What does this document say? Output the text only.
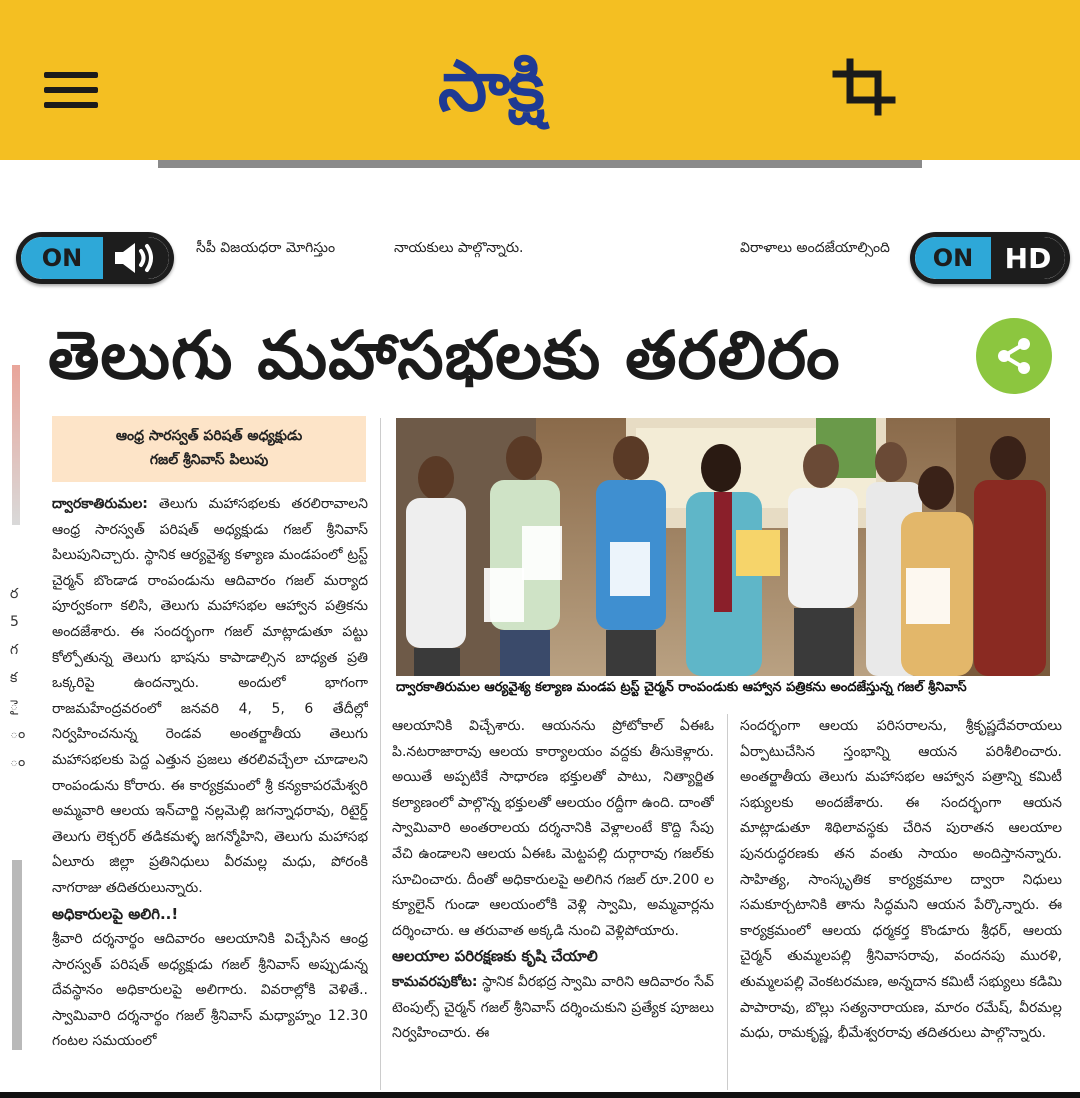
సాక్షి
ON	ON	HD
సీపీ విజయధరా మోగిస్తుం	నాయకులు పాల్గొన్నారు.	విరాళాలు అందజేయాల్సింది
తెలుగు మహాసభలకు తరలిరం
ర
5
గ
క
ై
ం
ం
ఆంధ్ర సారస్వత్ పరిషత్ అధ్యక్షుడు
గజల్ శ్రీనివాస్ పిలుపు

ద్వారకాతిరుమల: తెలుగు మహాసభలకు తరలిరావాలని ఆంధ్ర సారస్వత్ పరిషత్ అధ్యక్షుడు గజల్ శ్రీనివాస్ పిలుపునిచ్చారు. స్థానిక ఆర్యవైశ్య కళ్యాణ మండపంలో ట్రస్ట్ చైర్మన్ బొండాడ రాంపండును ఆదివారం గజల్ మర్యాద పూర్వకంగా కలిసి, తెలుగు మహాసభల ఆహ్వాన పత్రికను అందజేశారు. ఈ సందర్భంగా గజల్ మాట్లాడుతూ పట్టు కోల్పోతున్న తెలుగు భాషను కాపాడాల్సిన బాధ్యత ప్రతి ఒక్కరిపై ఉందన్నారు. అందులో భాగంగా రాజమహేంద్రవరంలో జనవరి 4, 5, 6 తేదీల్లో నిర్వహించనున్న రెండవ అంతర్జాతీయ తెలుగు మహాసభలకు పెద్ద ఎత్తున ప్రజలు తరలివచ్చేలా చూడాలని రాంపండును కోరారు. ఈ కార్యక్రమంలో శ్రీ కన్యకాపరమేశ్వరి అమ్మవారి ఆలయ ఇన్‌చార్జి నల్లమెల్లి జగన్నాధరావు, రిటైర్డ్ తెలుగు లెక్చరర్ తడికమళ్ళ జగన్మోహిని, తెలుగు మహాసభ ఏలూరు జిల్లా ప్రతినిధులు వీరమల్ల మధు, పోరంకి నాగరాజు తదితరులున్నారు.

అధికారులపై అలిగి..!

శ్రీవారి దర్శనార్థం ఆదివారం ఆలయానికి విచ్చేసిన ఆంధ్ర సారస్వత్ పరిషత్ అధ్యక్షుడు గజల్ శ్రీనివాస్ అప్పుడున్న దేవస్థానం అధికారులపై అలిగారు. వివరాల్లోకి వెళితే.. స్వామివారి దర్శనార్థం గజల్ శ్రీనివాస్ మధ్యాహ్నం 12.30 గంటల సమయంలో

ద్వారకాతిరుమల ఆర్యవైశ్య కల్యాణ మండప ట్రస్ట్ చైర్మన్ రాంపండుకు ఆహ్వాన పత్రికను అందజేస్తున్న గజల్ శ్రీనివాస్

ఆలయానికి విచ్చేశారు. ఆయనను ప్రోటోకాల్ ఏఈఓ పి.నటరాజారావు ఆలయ కార్యాలయం వద్దకు తీసుకెళ్లారు. అయితే అప్పటికే సాధారణ భక్తులతో పాటు, నిత్యార్జిత కల్యాణంలో పాల్గొన్న భక్తులతో ఆలయం రద్దీగా ఉంది. దాంతో స్వామివారి అంతరాలయ దర్శనానికి వెళ్లాలంటే కొద్ది సేపు వేచి ఉండాలని ఆలయ ఏఈఓ మెట్టపల్లి దుర్గారావు గజల్‌కు సూచించారు. దీంతో అధికారులపై అలిగిన గజల్ రూ.200 ల క్యూలైన్ గుండా ఆలయంలోకి వెళ్లి స్వామి, అమ్మవార్లను దర్శించారు. ఆ తరువాత అక్కడి నుంచి వెళ్లిపోయారు.

ఆలయాల పరిరక్షణకు కృషి చేయాలి

కామవరపుకోట: స్థానిక వీరభద్ర స్వామి వారిని ఆదివారం సేవ్ టెంపుల్స్ చైర్మన్ గజల్ శ్రీనివాస్ దర్శించుకుని ప్రత్యేక పూజలు నిర్వహించారు. ఈ

సందర్భంగా ఆలయ పరిసరాలను, శ్రీకృష్ణదేవరాయలు ఏర్పాటుచేసిన స్తంభాన్ని ఆయన పరిశీలించారు. అంతర్జాతీయ తెలుగు మహాసభల ఆహ్వాన పత్రాన్ని కమిటీ సభ్యులకు అందజేశారు. ఈ సందర్భంగా ఆయన మాట్లాడుతూ శిథిలావస్థకు చేరిన పురాతన ఆలయాల పునరుద్ధరణకు తన వంతు సాయం అందిస్తానన్నారు. సాహిత్య, సాంస్కృతిక కార్యక్రమాల ద్వారా నిధులు సమకూర్చటానికి తాను సిద్ధమని ఆయన పేర్కొన్నారు. ఈ కార్యక్రమంలో ఆలయ ధర్మకర్త కొండూరు శ్రీధర్, ఆలయ చైర్మన్ తుమ్మలపల్లి శ్రీనివాసరావు, వందనపు మురళి, తుమ్మలపల్లి వెంకటరమణ, అన్నదాన కమిటీ సభ్యులు కడిమి పాపారావు, బొల్లు సత్యనారాయణ, మారం రమేష్, వీరమల్ల మధు, రామకృష్ణ, భీమేశ్వరరావు తదితరులు పాల్గొన్నారు.
